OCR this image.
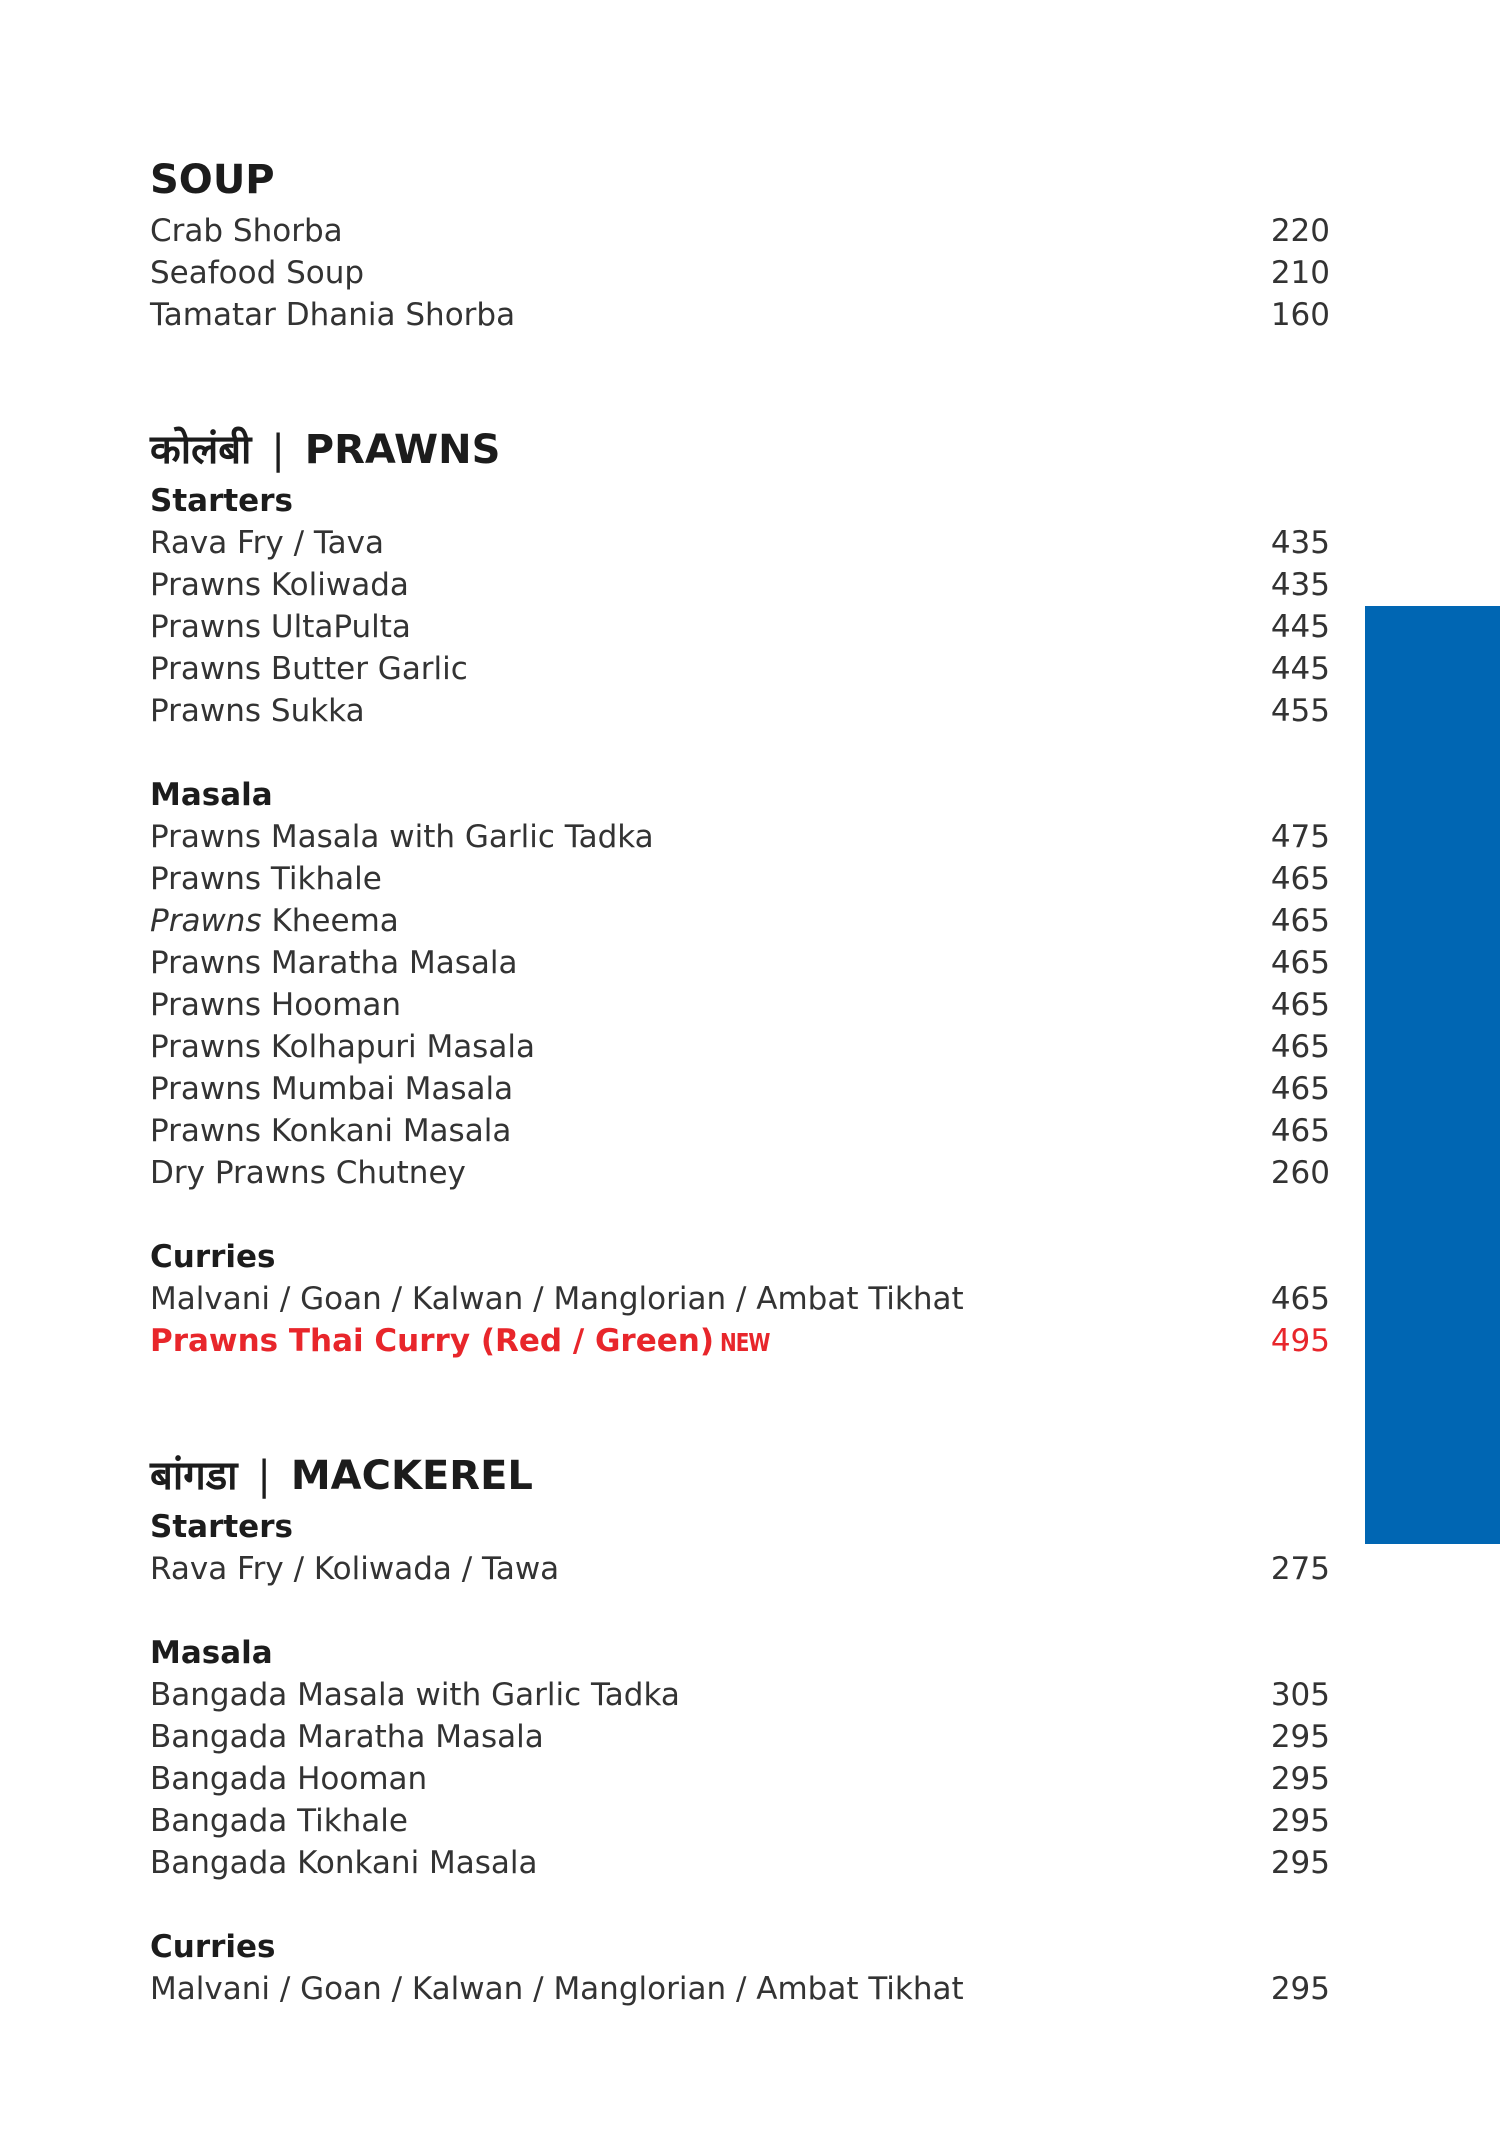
SOUP
Crab Shorba	220
Seafood Soup	210
Tamatar Dhania Shorba	160
कोलंबी | PRAWNS
Starters
Rava Fry / Tava	435
Prawns Koliwada	435
Prawns UltaPulta	445
Prawns Butter Garlic	445
Prawns Sukka	455
Masala
Prawns Masala with Garlic Tadka	475
Prawns Tikhale	465
Prawns Kheema	465
Prawns Maratha Masala	465
Prawns Hooman	465
Prawns Kolhapuri Masala	465
Prawns Mumbai Masala	465
Prawns Konkani Masala	465
Dry Prawns Chutney	260
Curries
Malvani / Goan / Kalwan / Manglorian / Ambat Tikhat	465
Prawns Thai Curry (Red / Green) NEW	495
बांगडा | MACKEREL
Starters
Rava Fry / Koliwada / Tawa	275
Masala
Bangada Masala with Garlic Tadka	305
Bangada Maratha Masala	295
Bangada Hooman	295
Bangada Tikhale	295
Bangada Konkani Masala	295
Curries
Malvani / Goan / Kalwan / Manglorian / Ambat Tikhat	295
